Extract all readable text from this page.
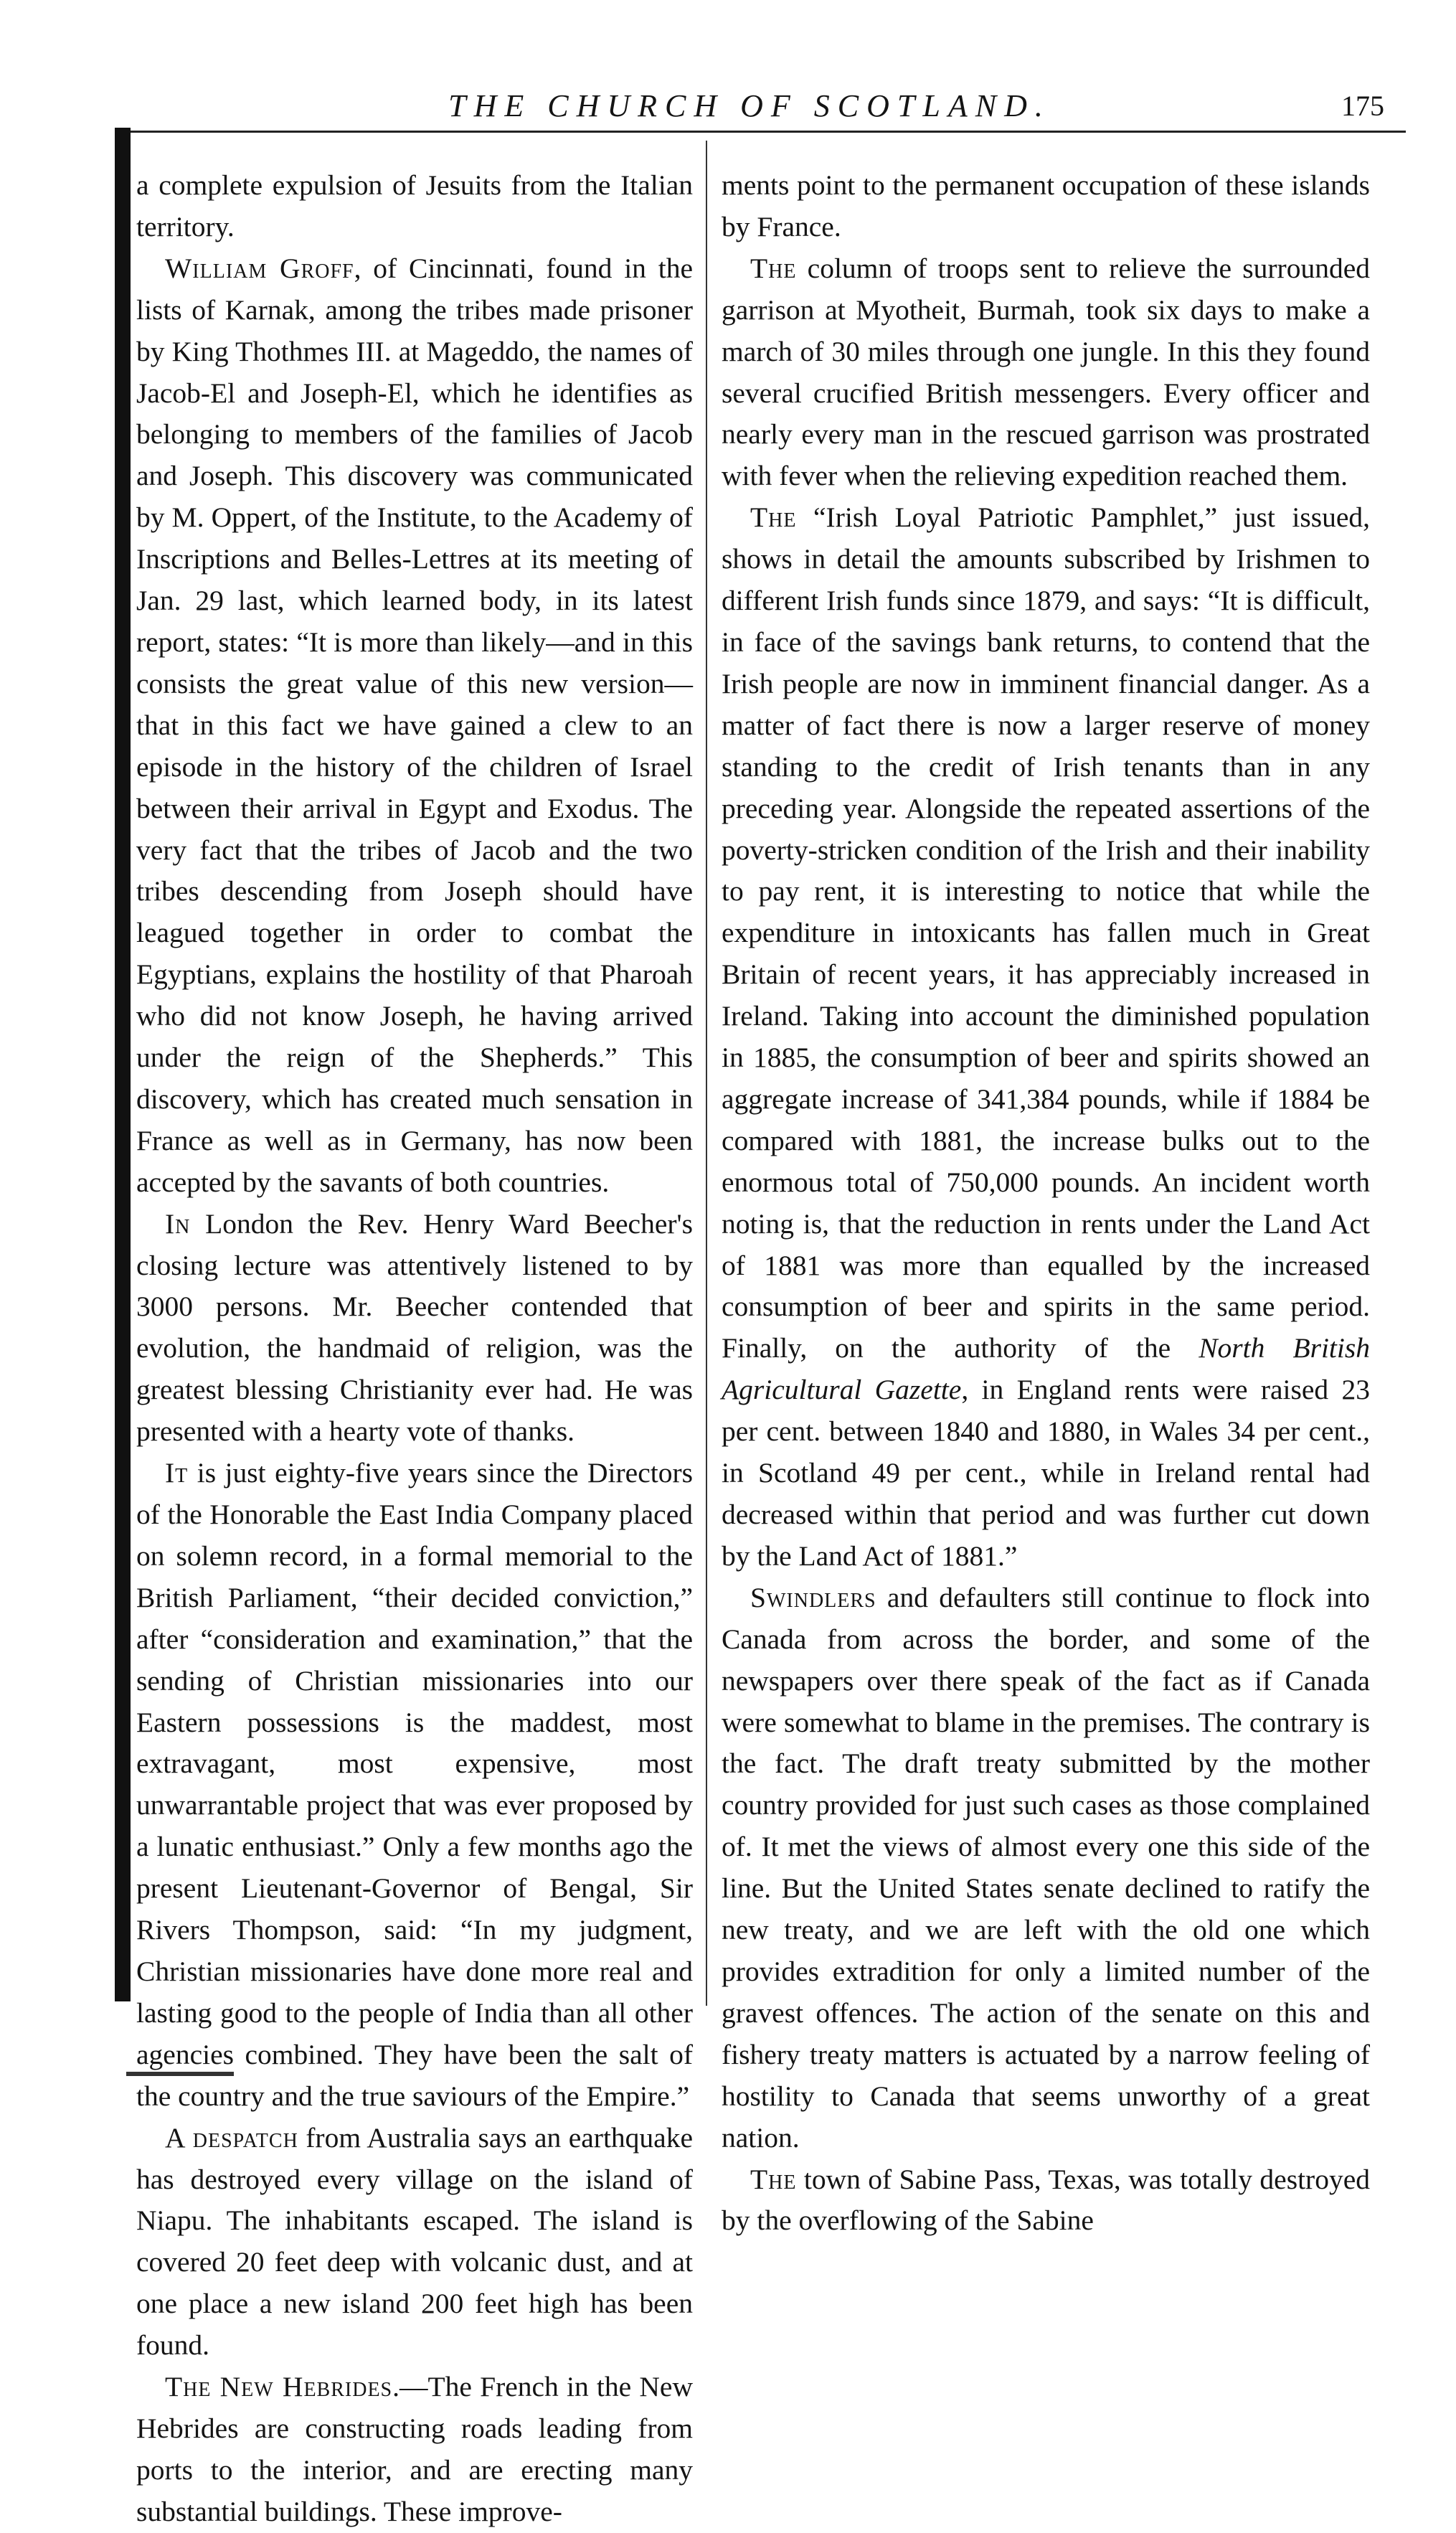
THE CHURCH OF SCOTLAND.	175

a complete expulsion of Jesuits from the Italian territory.

William Groff, of Cincinnati, found in the lists of Karnak, among the tribes made prisoner by King Thothmes III. at Mageddo, the names of Jacob-El and Joseph-El, which he identifies as belonging to members of the families of Jacob and Joseph. This discovery was communicated by M. Oppert, of the Institute, to the Academy of Inscriptions and Belles-Lettres at its meeting of Jan. 29 last, which learned body, in its latest report, states: “It is more than likely—and in this consists the great value of this new version—that in this fact we have gained a clew to an episode in the history of the children of Israel between their arrival in Egypt and Exodus. The very fact that the tribes of Jacob and the two tribes descending from Joseph should have leagued together in order to combat the Egyptians, explains the hostility of that Pharoah who did not know Joseph, he having arrived under the reign of the Shepherds.” This discovery, which has created much sensation in France as well as in Germany, has now been accepted by the savants of both countries.

In London the Rev. Henry Ward Beecher's closing lecture was attentively listened to by 3000 persons. Mr. Beecher contended that evolution, the handmaid of religion, was the greatest blessing Christianity ever had. He was presented with a hearty vote of thanks.

It is just eighty-five years since the Directors of the Honorable the East India Company placed on solemn record, in a formal memorial to the British Parliament, “their decided conviction,” after “consideration and examination,” that the sending of Christian missionaries into our Eastern possessions is the maddest, most extravagant, most expensive, most unwarrantable project that was ever proposed by a lunatic enthusiast.” Only a few months ago the present Lieutenant-Governor of Bengal, Sir Rivers Thompson, said: “In my judgment, Christian missionaries have done more real and lasting good to the people of India than all other agencies combined. They have been the salt of the country and the true saviours of the Empire.”

A despatch from Australia says an earthquake has destroyed every village on the island of Niapu. The inhabitants escaped. The island is covered 20 feet deep with volcanic dust, and at one place a new island 200 feet high has been found.

The New Hebrides.—The French in the New Hebrides are constructing roads leading from ports to the interior, and are erecting many substantial buildings. These improve-

ments point to the permanent occupation of these islands by France.

The column of troops sent to relieve the surrounded garrison at Myotheit, Burmah, took six days to make a march of 30 miles through one jungle. In this they found several crucified British messengers. Every officer and nearly every man in the rescued garrison was prostrated with fever when the relieving expedition reached them.

The “Irish Loyal Patriotic Pamphlet,” just issued, shows in detail the amounts subscribed by Irishmen to different Irish funds since 1879, and says: “It is difficult, in face of the savings bank returns, to contend that the Irish people are now in imminent financial danger. As a matter of fact there is now a larger reserve of money standing to the credit of Irish tenants than in any preceding year. Alongside the repeated assertions of the poverty-stricken condition of the Irish and their inability to pay rent, it is interesting to notice that while the expenditure in intoxicants has fallen much in Great Britain of recent years, it has appreciably increased in Ireland. Taking into account the diminished population in 1885, the consumption of beer and spirits showed an aggregate increase of 341,384 pounds, while if 1884 be compared with 1881, the increase bulks out to the enormous total of 750,000 pounds. An incident worth noting is, that the reduction in rents under the Land Act of 1881 was more than equalled by the increased consumption of beer and spirits in the same period. Finally, on the authority of the North British Agricultural Gazette, in England rents were raised 23 per cent. between 1840 and 1880, in Wales 34 per cent., in Scotland 49 per cent., while in Ireland rental had decreased within that period and was further cut down by the Land Act of 1881.”

Swindlers and defaulters still continue to flock into Canada from across the border, and some of the newspapers over there speak of the fact as if Canada were somewhat to blame in the premises. The contrary is the fact. The draft treaty submitted by the mother country provided for just such cases as those complained of. It met the views of almost every one this side of the line. But the United States senate declined to ratify the new treaty, and we are left with the old one which provides extradition for only a limited number of the gravest offences. The action of the senate on this and fishery treaty matters is actuated by a narrow feeling of hostility to Canada that seems unworthy of a great nation.

The town of Sabine Pass, Texas, was totally destroyed by the overflowing of the Sabine
